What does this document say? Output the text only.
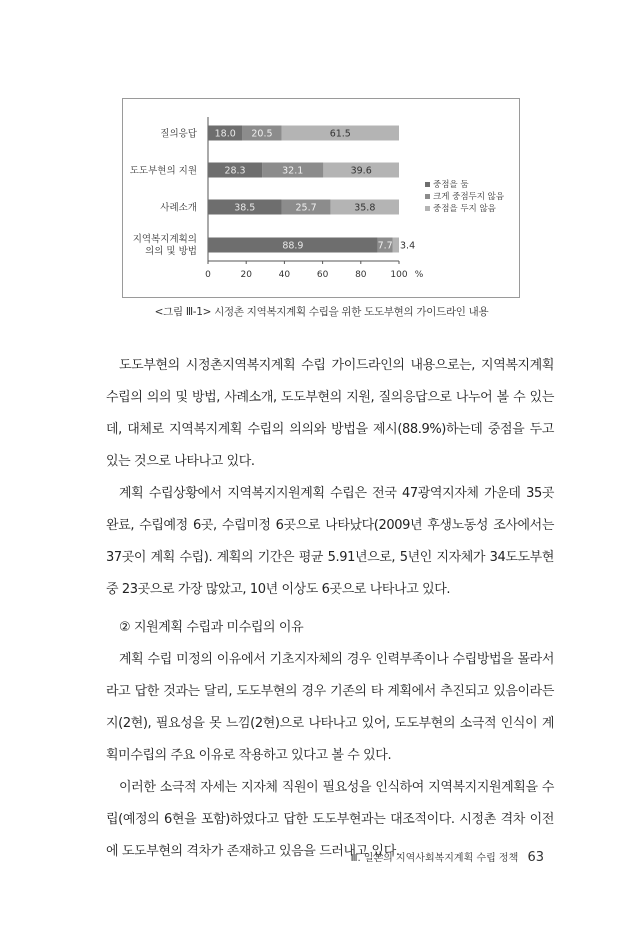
0	20	40	60	80	100 %
질의응답
도도부현의 지원
사례소개
지역복지계획의 의의 및 방법
18.0 20.5	61.5
28.3	32.1	39.6
38.5	25.7	35.8
88.9	7.7 3.4
중점을 둠
크게 중점두지 않음
중점을 두지 않음
<그림 Ⅲ-1> 시정촌 지역복지계획 수립을 위한 도도부현의 가이드라인 내용

도도부현의 시정촌지역복지계획 수립 가이드라인의 내용으로는, 지역복지계획 수립의 의의 및 방법, 사례소개, 도도부현의 지원, 질의응답으로 나누어 볼 수 있는데, 대체로 지역복지계획 수립의 의의와 방법을 제시(88.9%)하는데 중점을 두고 있는 것으로 나타나고 있다.

계획 수립상황에서 지역복지지원계획 수립은 전국 47광역지자체 가운데 35곳 완료, 수립예정 6곳, 수립미정 6곳으로 나타났다(2009년 후생노동성 조사에서는 37곳이 계획 수립). 계획의 기간은 평균 5.91년으로, 5년인 지자체가 34도도부현 중 23곳으로 가장 많았고, 10년 이상도 6곳으로 나타나고 있다.

② 지원계획 수립과 미수립의 이유

계획 수립 미정의 이유에서 기초지자체의 경우 인력부족이나 수립방법을 몰라서라고 답한 것과는 달리, 도도부현의 경우 기존의 타 계획에서 추진되고 있음이라든지(2현), 필요성을 못 느낌(2현)으로 나타나고 있어, 도도부현의 소극적 인식이 계획미수립의 주요 이유로 작용하고 있다고 볼 수 있다.

이러한 소극적 자세는 지자체 직원이 필요성을 인식하여 지역복지지원계획을 수립(예정의 6현을 포함)하였다고 답한 도도부현과는 대조적이다. 시정촌 격차 이전에 도도부현의 격차가 존재하고 있음을 드러내고 있다.

Ⅲ. 일본의 지역사회복지계획 수립 정책 63
